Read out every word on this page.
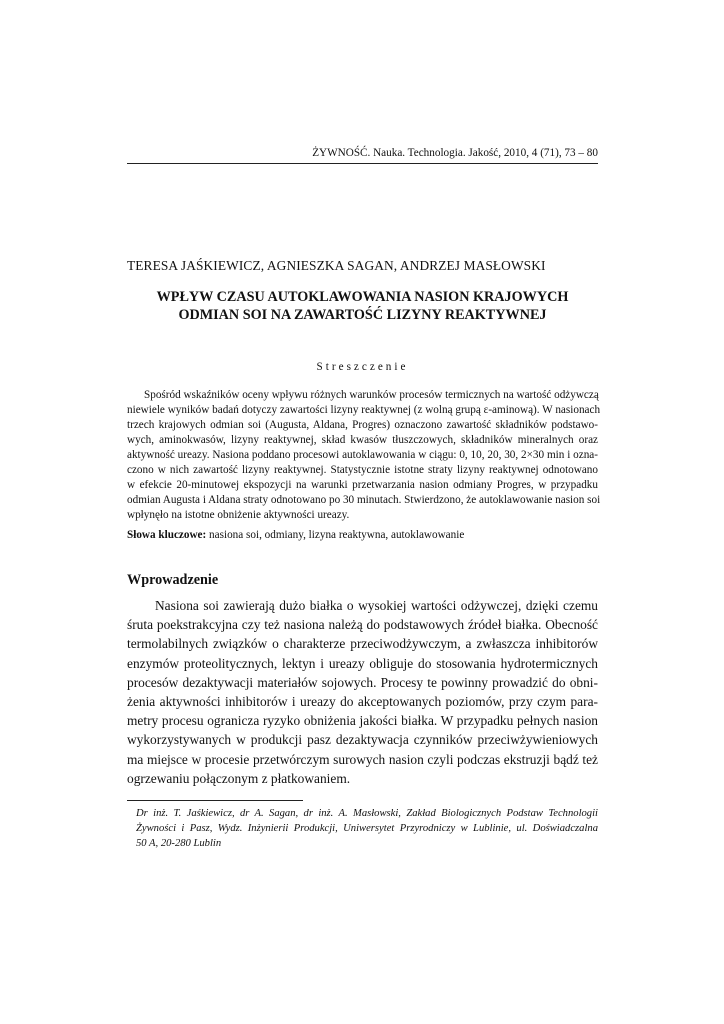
ŻYWNOŚĆ. Nauka. Technologia. Jakość, 2010, 4 (71), 73 – 80
TERESA JAŚKIEWICZ, AGNIESZKA SAGAN, ANDRZEJ MASŁOWSKI
WPŁYW CZASU AUTOKLAWOWANIA NASION KRAJOWYCH
ODMIAN SOI NA ZAWARTOŚĆ LIZYNY REAKTYWNEJ
Streszczenie

Spośród wskaźników oceny wpływu różnych warunków procesów termicznych na wartość odżywczą
niewiele wyników badań dotyczy zawartości lizyny reaktywnej (z wolną grupą ε-aminową). W nasionach
trzech krajowych odmian soi (Augusta, Aldana, Progres) oznaczono zawartość składników podstawo-
wych, aminokwasów, lizyny reaktywnej, skład kwasów tłuszczowych, składników mineralnych oraz
aktywność ureazy. Nasiona poddano procesowi autoklawowania w ciągu: 0, 10, 20, 30, 2×30 min i ozna-
czono w nich zawartość lizyny reaktywnej. Statystycznie istotne straty lizyny reaktywnej odnotowano
w efekcie 20-minutowej ekspozycji na warunki przetwarzania nasion odmiany Progres, w przypadku
odmian Augusta i Aldana straty odnotowano po 30 minutach. Stwierdzono, że autoklawowanie nasion soi
wpłynęło na istotne obniżenie aktywności ureazy.

Słowa kluczowe: nasiona soi, odmiany, lizyna reaktywna, autoklawowanie
Wprowadzenie

Nasiona soi zawierają dużo białka o wysokiej wartości odżywczej, dzięki czemu
śruta poekstrakcyjna czy też nasiona należą do podstawowych źródeł białka. Obecność
termolabilnych związków o charakterze przeciwodżywczym, a zwłaszcza inhibitorów
enzymów proteolitycznych, lektyn i ureazy obliguje do stosowania hydrotermicznych
procesów dezaktywacji materiałów sojowych. Procesy te powinny prowadzić do obni-
żenia aktywności inhibitorów i ureazy do akceptowanych poziomów, przy czym para-
metry procesu ogranicza ryzyko obniżenia jakości białka. W przypadku pełnych nasion
wykorzystywanych w produkcji pasz dezaktywacja czynników przeciwżywieniowych
ma miejsce w procesie przetwórczym surowych nasion czyli podczas ekstruzji bądź też
ogrzewaniu połączonym z płatkowaniem.

Dr inż. T. Jaśkiewicz, dr A. Sagan, dr inż. A. Masłowski, Zakład Biologicznych Podstaw Technologii
Żywności i Pasz, Wydz. Inżynierii Produkcji, Uniwersytet Przyrodniczy w Lublinie, ul. Doświadczalna
50 A, 20-280 Lublin
